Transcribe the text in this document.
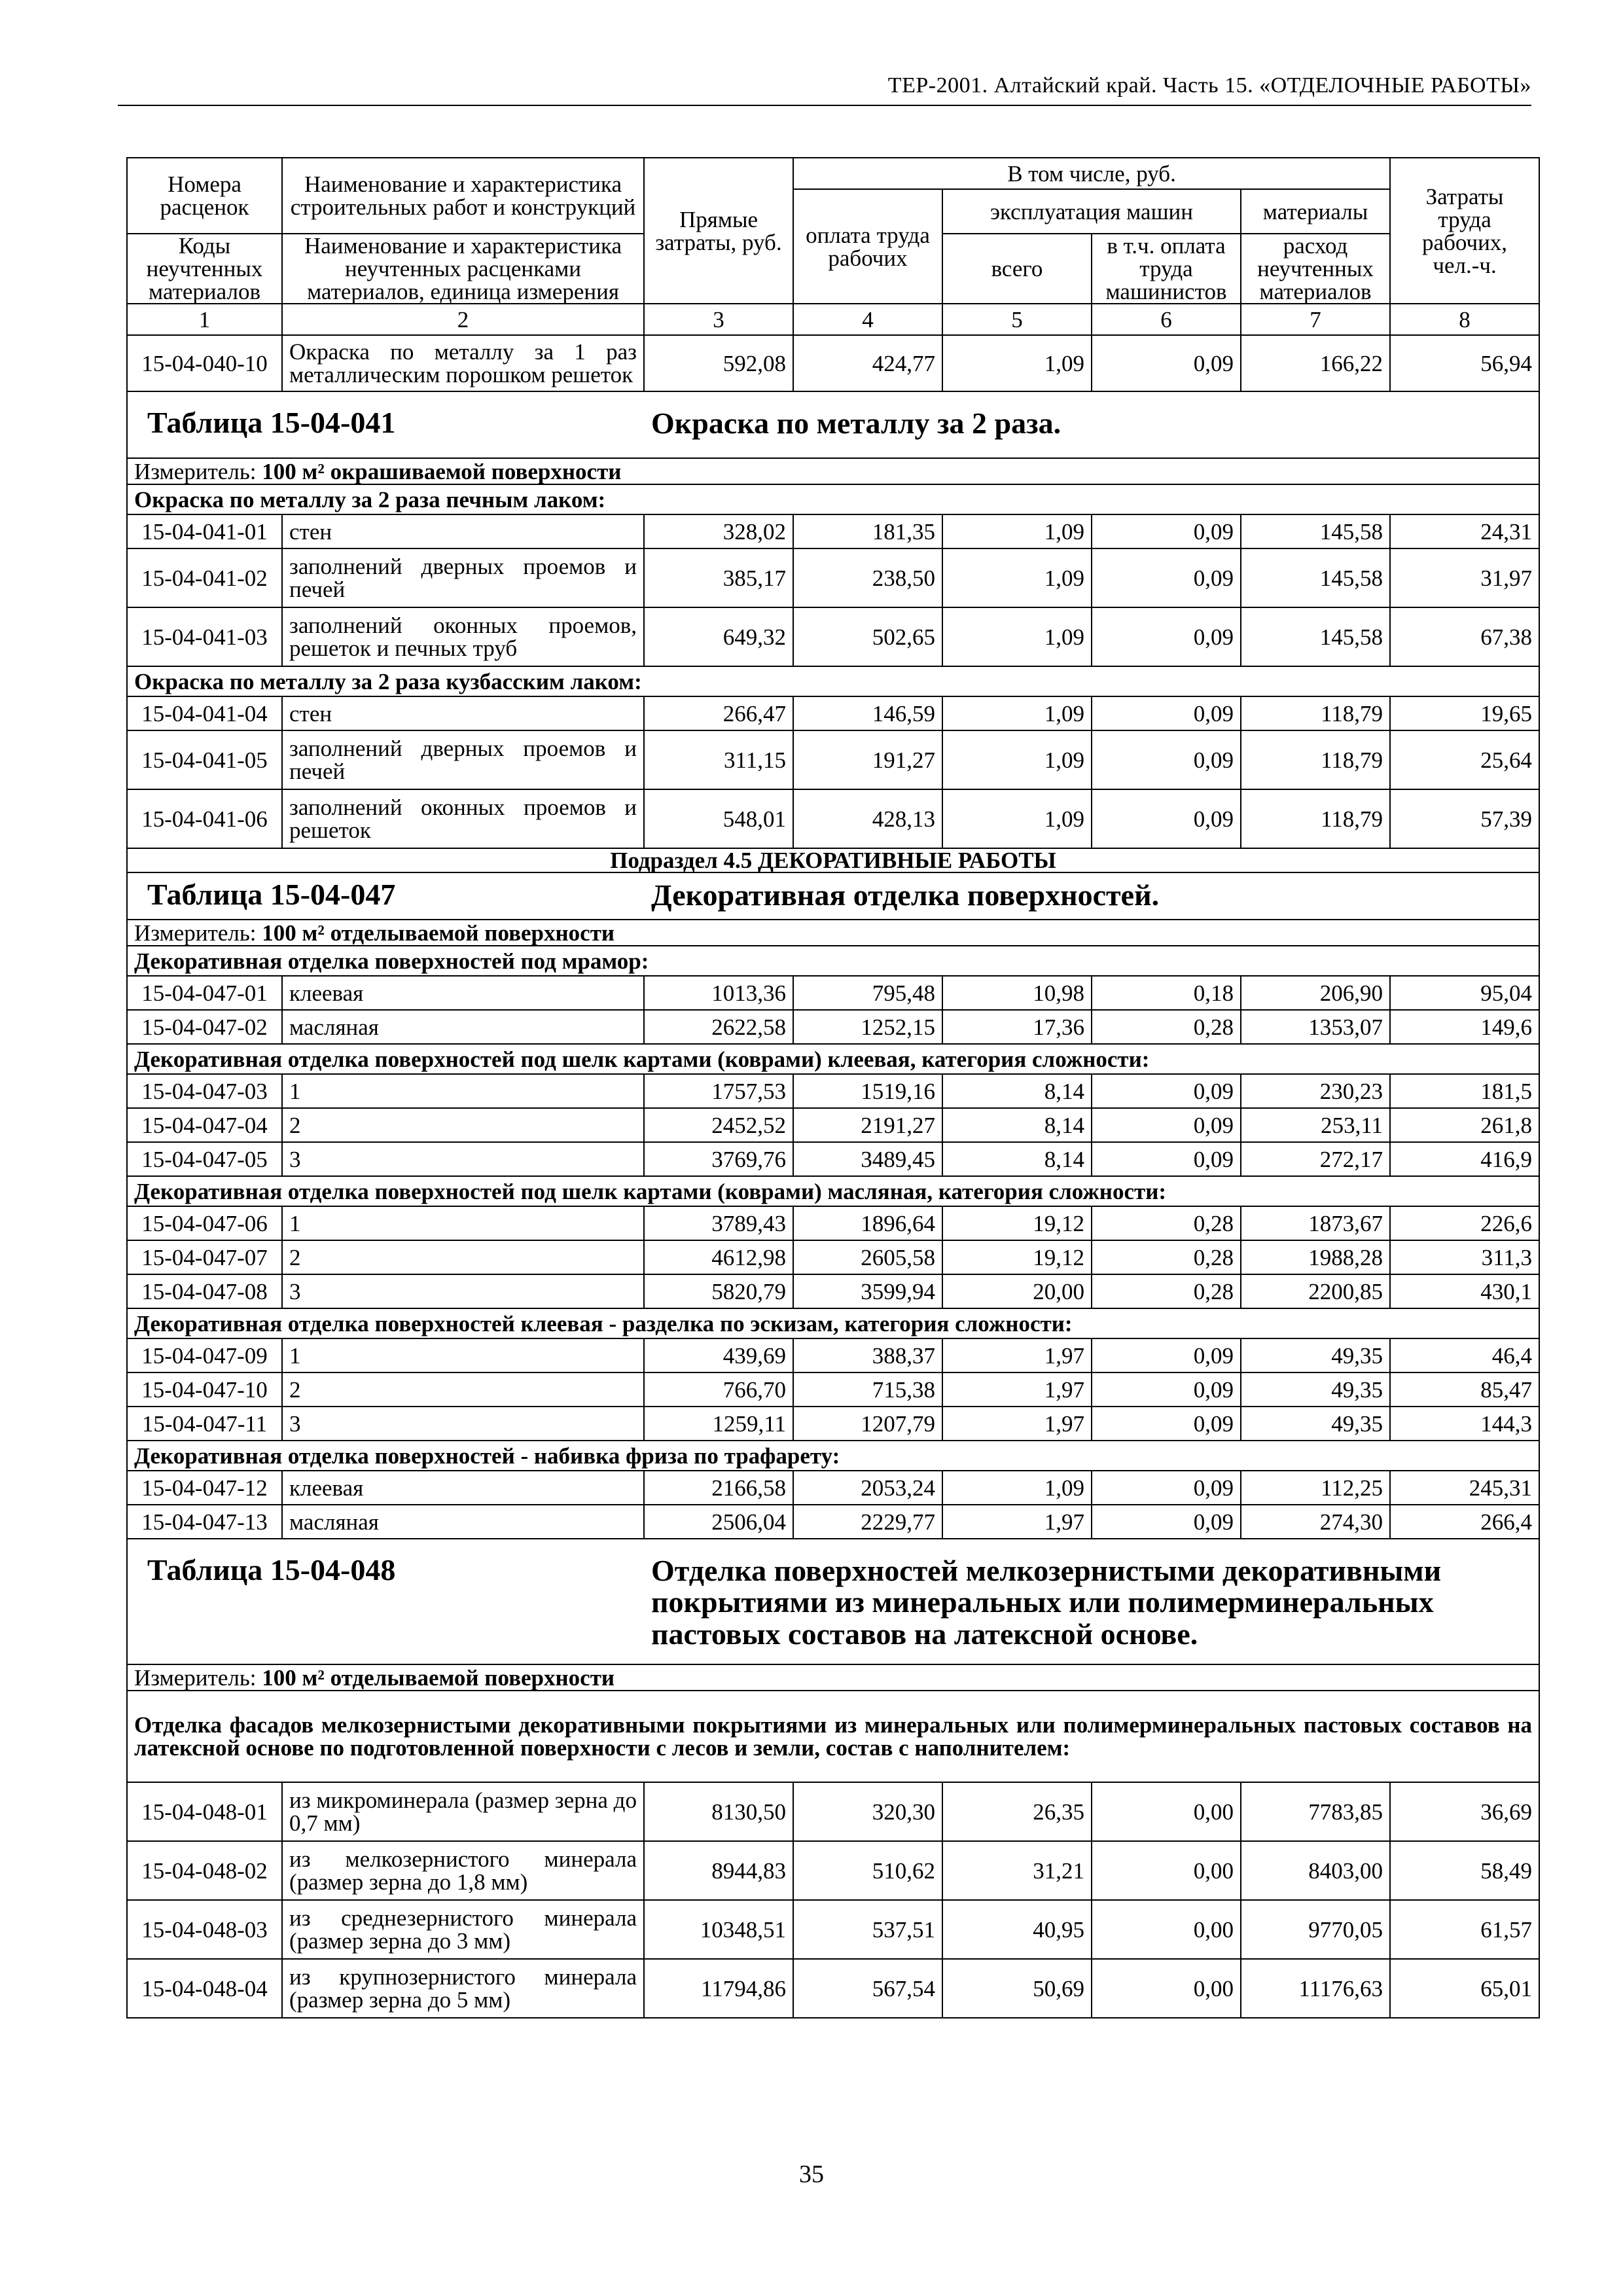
ТЕР-2001. Алтайский край. Часть 15. «ОТДЕЛОЧНЫЕ РАБОТЫ»
Номера расценок	Наименование и характеристика строительных работ и конструкций	Прямые затраты, руб.	В том числе, руб.				Затраты труда рабочих, чел.-ч.
			оплата труда рабочих	эксплуатация машин		материалы	
Коды неучтенных материалов	Наименование и характеристика неучтенных расценками материалов, единица измерения			всего	в т.ч. оплата труда машинистов	расход неучтенных материалов	
1	2	3	4	5	6	7	8
15-04-040-10	Окраска по металлу за 1 раз металлическим порошком решеток	592,08	424,77	1,09	0,09	166,22	56,94

Таблица 15-04-041 Окраска по металлу за 2 раза.							

Измеритель: 100 м² окрашиваемой поверхности							
Окраска по металлу за 2 раза печным лаком:							
15-04-041-01	стен	328,02	181,35	1,09	0,09	145,58	24,31
15-04-041-02	заполнений дверных проемов и печей	385,17	238,50	1,09	0,09	145,58	31,97
15-04-041-03	заполнений оконных проемов, решеток и печных труб	649,32	502,65	1,09	0,09	145,58	67,38
Окраска по металлу за 2 раза кузбасским лаком:							
15-04-041-04	стен	266,47	146,59	1,09	0,09	118,79	19,65
15-04-041-05	заполнений дверных проемов и печей	311,15	191,27	1,09	0,09	118,79	25,64
15-04-041-06	заполнений оконных проемов и решеток	548,01	428,13	1,09	0,09	118,79	57,39
Подраздел 4.5 ДЕКОРАТИВНЫЕ РАБОТЫ							

Таблица 15-04-047 Декоративная отделка поверхностей.							

Измеритель: 100 м² отделываемой поверхности							
Декоративная отделка поверхностей под мрамор:							
15-04-047-01	клеевая	1013,36	795,48	10,98	0,18	206,90	95,04
15-04-047-02	масляная	2622,58	1252,15	17,36	0,28	1353,07	149,6
Декоративная отделка поверхностей под шелк картами (коврами) клеевая, категория сложности:							
15-04-047-03	1	1757,53	1519,16	8,14	0,09	230,23	181,5
15-04-047-04	2	2452,52	2191,27	8,14	0,09	253,11	261,8
15-04-047-05	3	3769,76	3489,45	8,14	0,09	272,17	416,9
Декоративная отделка поверхностей под шелк картами (коврами) масляная, категория сложности:							
15-04-047-06	1	3789,43	1896,64	19,12	0,28	1873,67	226,6
15-04-047-07	2	4612,98	2605,58	19,12	0,28	1988,28	311,3
15-04-047-08	3	5820,79	3599,94	20,00	0,28	2200,85	430,1
Декоративная отделка поверхностей клеевая - разделка по эскизам, категория сложности:							
15-04-047-09	1	439,69	388,37	1,97	0,09	49,35	46,4
15-04-047-10	2	766,70	715,38	1,97	0,09	49,35	85,47
15-04-047-11	3	1259,11	1207,79	1,97	0,09	49,35	144,3
Декоративная отделка поверхностей - набивка фриза по трафарету:							
15-04-047-12	клеевая	2166,58	2053,24	1,09	0,09	112,25	245,31
15-04-047-13	масляная	2506,04	2229,77	1,97	0,09	274,30	266,4

Таблица 15-04-048 Отделка поверхностей мелкозернистыми декоративными покрытиями из минеральных или полимерминеральных пастовых составов на латексной основе.							

Измеритель: 100 м² отделываемой поверхности							
Отделка фасадов мелкозернистыми декоративными покрытиями из минеральных или полимерминеральных пастовых составов на латексной основе по подготовленной поверхности с лесов и земли, состав с наполнителем:							
15-04-048-01	из микроминерала (размер зерна до 0,7 мм)	8130,50	320,30	26,35	0,00	7783,85	36,69
15-04-048-02	из мелкозернистого минерала (размер зерна до 1,8 мм)	8944,83	510,62	31,21	0,00	8403,00	58,49
15-04-048-03	из среднезернистого минерала (размер зерна до 3 мм)	10348,51	537,51	40,95	0,00	9770,05	61,57
15-04-048-04	из крупнозернистого минерала (размер зерна до 5 мм)	11794,86	567,54	50,69	0,00	11176,63	65,01
35
